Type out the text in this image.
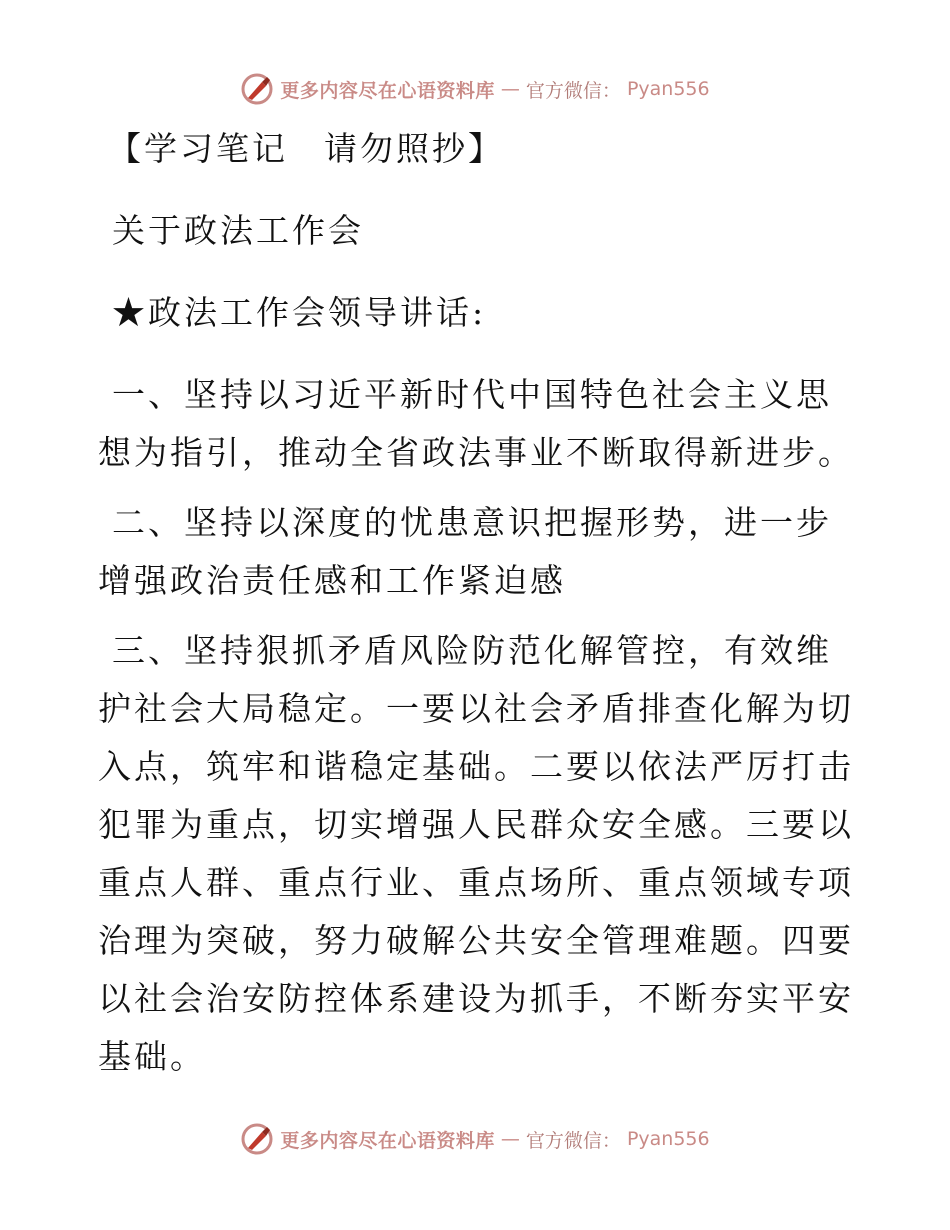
更多内容尽在心语资料库 — 官方微信： Pyan556

【学习笔记　请勿照抄】

关于政法工作会

★政法工作会领导讲话:

一、坚持以习近平新时代中国特色社会主义思想为指引，推动全省政法事业不断取得新进步。

二、坚持以深度的忧患意识把握形势，进一步增强政治责任感和工作紧迫感

三、坚持狠抓矛盾风险防范化解管控，有效维护社会大局稳定。一要以社会矛盾排查化解为切入点，筑牢和谐稳定基础。二要以依法严厉打击犯罪为重点，切实增强人民群众安全感。三要以重点人群、重点行业、重点场所、重点领域专项治理为突破，努力破解公共安全管理难题。四要以社会治安防控体系建设为抓手，不断夯实平安基础。

更多内容尽在心语资料库 — 官方微信： Pyan556
